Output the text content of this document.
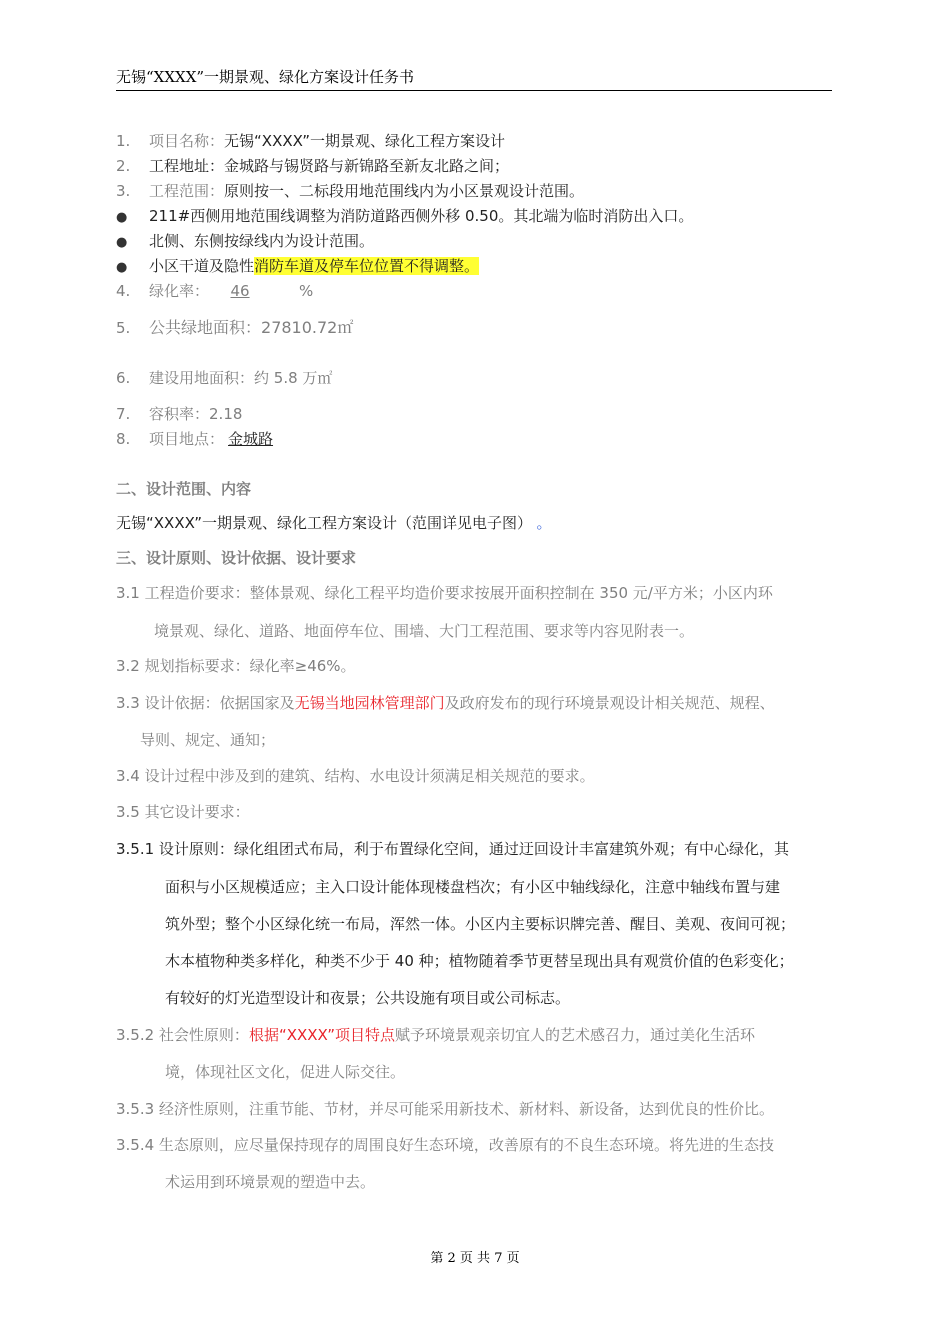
无锡“XXXX”一期景观、绿化方案设计任务书
1. 项目名称：无锡“XXXX”一期景观、绿化工程方案设计
2. 工程地址：金城路与锡贤路与新锦路至新友北路之间；
3. 工程范围：原则按一、二标段用地范围线内为小区景观设计范围。
● 211#西侧用地范围线调整为消防道路西侧外移 0.50。其北端为临时消防出入口。
● 北侧、东侧按绿线内为设计范围。
● 小区干道及隐性消防车道及停车位位置不得调整。
4. 绿化率： 46	%
5. 公共绿地面积：27810.72㎡
6. 建设用地面积：约 5.8 万㎡
7. 容积率：2.18
8. 项目地点： 金城路
二、设计范围、内容
无锡“XXXX”一期景观、绿化工程方案设计（范围详见电子图） 。
三、设计原则、设计依据、设计要求
3.1 工程造价要求：整体景观、绿化工程平均造价要求按展开面积控制在 350 元/平方米；小区内环
境景观、绿化、道路、地面停车位、围墙、大门工程范围、要求等内容见附表一。
3.2 规划指标要求：绿化率≥46%。
3.3 设计依据：依据国家及无锡当地园林管理部门及政府发布的现行环境景观设计相关规范、规程、
导则、规定、通知；
3.4 设计过程中涉及到的建筑、结构、水电设计须满足相关规范的要求。
3.5 其它设计要求：
3.5.1 设计原则：绿化组团式布局，利于布置绿化空间，通过迂回设计丰富建筑外观；有中心绿化，其
面积与小区规模适应；主入口设计能体现楼盘档次；有小区中轴线绿化，注意中轴线布置与建
筑外型；整个小区绿化统一布局，浑然一体。小区内主要标识牌完善、醒目、美观、夜间可视；
木本植物种类多样化，种类不少于 40 种；植物随着季节更替呈现出具有观赏价值的色彩变化；
有较好的灯光造型设计和夜景；公共设施有项目或公司标志。
3.5.2 社会性原则：根据“XXXX”项目特点赋予环境景观亲切宜人的艺术感召力，通过美化生活环
境，体现社区文化，促进人际交往。
3.5.3 经济性原则，注重节能、节材，并尽可能采用新技术、新材料、新设备，达到优良的性价比。
3.5.4 生态原则，应尽量保持现存的周围良好生态环境，改善原有的不良生态环境。将先进的生态技
术运用到环境景观的塑造中去。
第 2 页 共 7 页
